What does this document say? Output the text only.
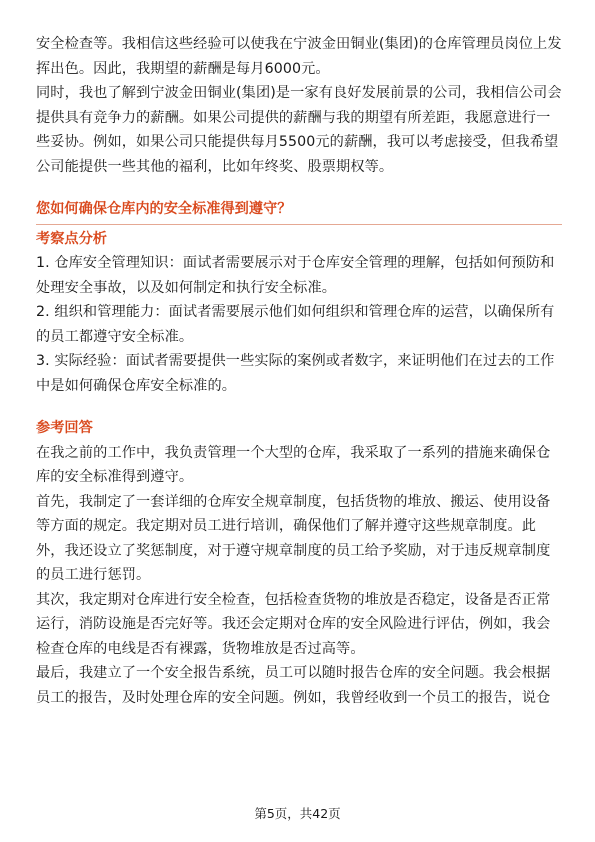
安全检查等。我相信这些经验可以使我在宁波金田铜业(集团)的仓库管理员岗位上发挥出色。因此，我期望的薪酬是每月6000元。

同时，我也了解到宁波金田铜业(集团)是一家有良好发展前景的公司，我相信公司会提供具有竞争力的薪酬。如果公司提供的薪酬与我的期望有所差距，我愿意进行一些妥协。例如，如果公司只能提供每月5500元的薪酬，我可以考虑接受，但我希望公司能提供一些其他的福利，比如年终奖、股票期权等。

您如何确保仓库内的安全标准得到遵守？

考察点分析

1. 仓库安全管理知识：面试者需要展示对于仓库安全管理的理解，包括如何预防和处理安全事故，以及如何制定和执行安全标准。

2. 组织和管理能力：面试者需要展示他们如何组织和管理仓库的运营，以确保所有的员工都遵守安全标准。

3. 实际经验：面试者需要提供一些实际的案例或者数字，来证明他们在过去的工作中是如何确保仓库安全标准的。

参考回答

在我之前的工作中，我负责管理一个大型的仓库，我采取了一系列的措施来确保仓库的安全标准得到遵守。

首先，我制定了一套详细的仓库安全规章制度，包括货物的堆放、搬运、使用设备等方面的规定。我定期对员工进行培训，确保他们了解并遵守这些规章制度。此外，我还设立了奖惩制度，对于遵守规章制度的员工给予奖励，对于违反规章制度的员工进行惩罚。

其次，我定期对仓库进行安全检查，包括检查货物的堆放是否稳定，设备是否正常运行，消防设施是否完好等。我还会定期对仓库的安全风险进行评估，例如，我会检查仓库的电线是否有裸露，货物堆放是否过高等。

最后，我建立了一个安全报告系统，员工可以随时报告仓库的安全问题。我会根据员工的报告，及时处理仓库的安全问题。例如，我曾经收到一个员工的报告，说仓

第5页，共42页
